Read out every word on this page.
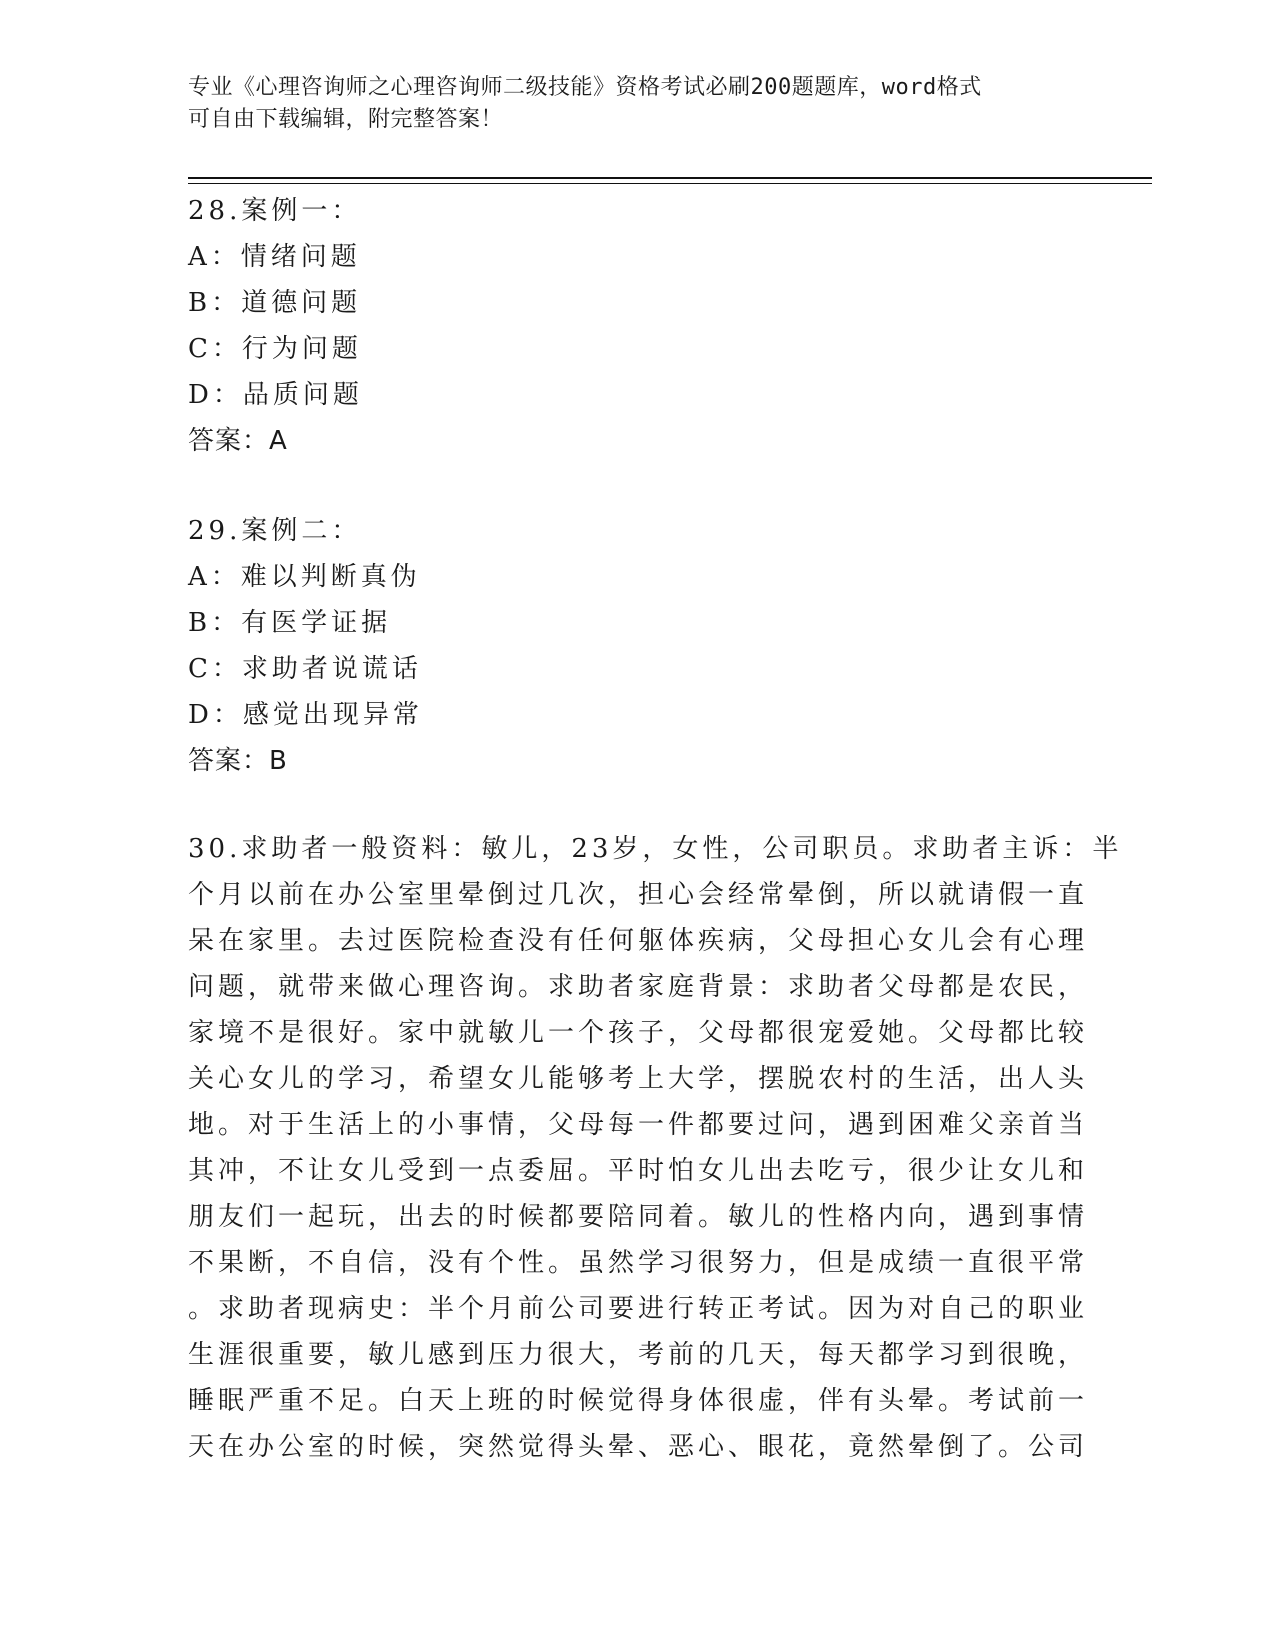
专业《心理咨询师之心理咨询师二级技能》资格考试必刷200题题库，word格式
可自由下载编辑，附完整答案！
28.案例一：
A：情绪问题
B：道德问题
C：行为问题
D：品质问题
答案：A
29.案例二：
A：难以判断真伪
B：有医学证据
C：求助者说谎话
D：感觉出现异常
答案：B
30.求助者一般资料：敏儿，23岁，女性，公司职员。求助者主诉：半
个月以前在办公室里晕倒过几次，担心会经常晕倒，所以就请假一直
呆在家里。去过医院检查没有任何躯体疾病，父母担心女儿会有心理
问题，就带来做心理咨询。求助者家庭背景：求助者父母都是农民，
家境不是很好。家中就敏儿一个孩子，父母都很宠爱她。父母都比较
关心女儿的学习，希望女儿能够考上大学，摆脱农村的生活，出人头
地。对于生活上的小事情，父母每一件都要过问，遇到困难父亲首当
其冲，不让女儿受到一点委屈。平时怕女儿出去吃亏，很少让女儿和
朋友们一起玩，出去的时候都要陪同着。敏儿的性格内向，遇到事情
不果断，不自信，没有个性。虽然学习很努力，但是成绩一直很平常
。求助者现病史：半个月前公司要进行转正考试。因为对自己的职业
生涯很重要，敏儿感到压力很大，考前的几天，每天都学习到很晚，
睡眠严重不足。白天上班的时候觉得身体很虚，伴有头晕。考试前一
天在办公室的时候，突然觉得头晕、恶心、眼花，竟然晕倒了。公司
